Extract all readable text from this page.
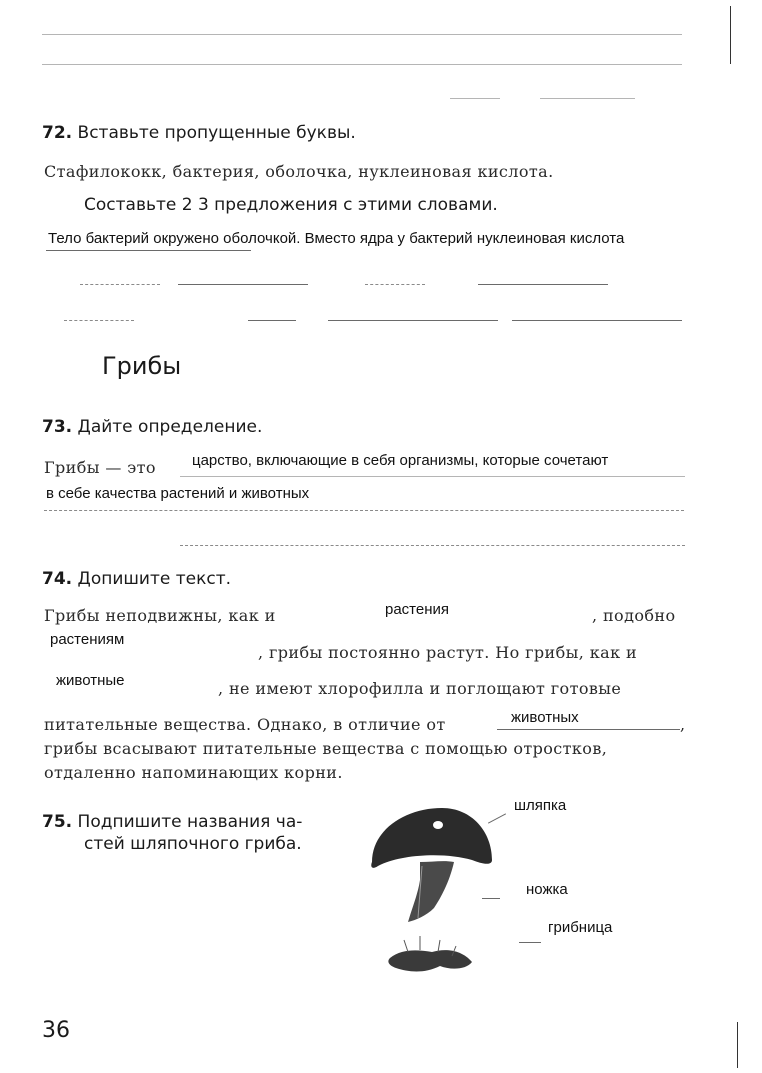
72. Вставьте пропущенные буквы.
Стафилококк, бактерия, оболочка, нуклеиновая кислота.
Составьте 2 3 предложения с этими словами.
Тело бактерий окружено оболочкой. Вместо ядра у бактерий нуклеиновая кислота
Грибы
73. Дайте определение.
Грибы — это царство, включающие в себя организмы, которые сочетают
в себе качества растений и животных
74. Допишите текст.
Грибы неподвижны, как и	растения	, подобно
растениям
, грибы постоянно растут. Но грибы, как и
животные	, не имеют хлорофилла и поглощают готовые
питательные вещества. Однако, в отличие от	животных	,
грибы всасывают питательные вещества с помощью отростков,
отдаленно напоминающих корни.
75. Подпишите названия ча-
стей шляпочного гриба.
шляпка
ножка
грибница
36
